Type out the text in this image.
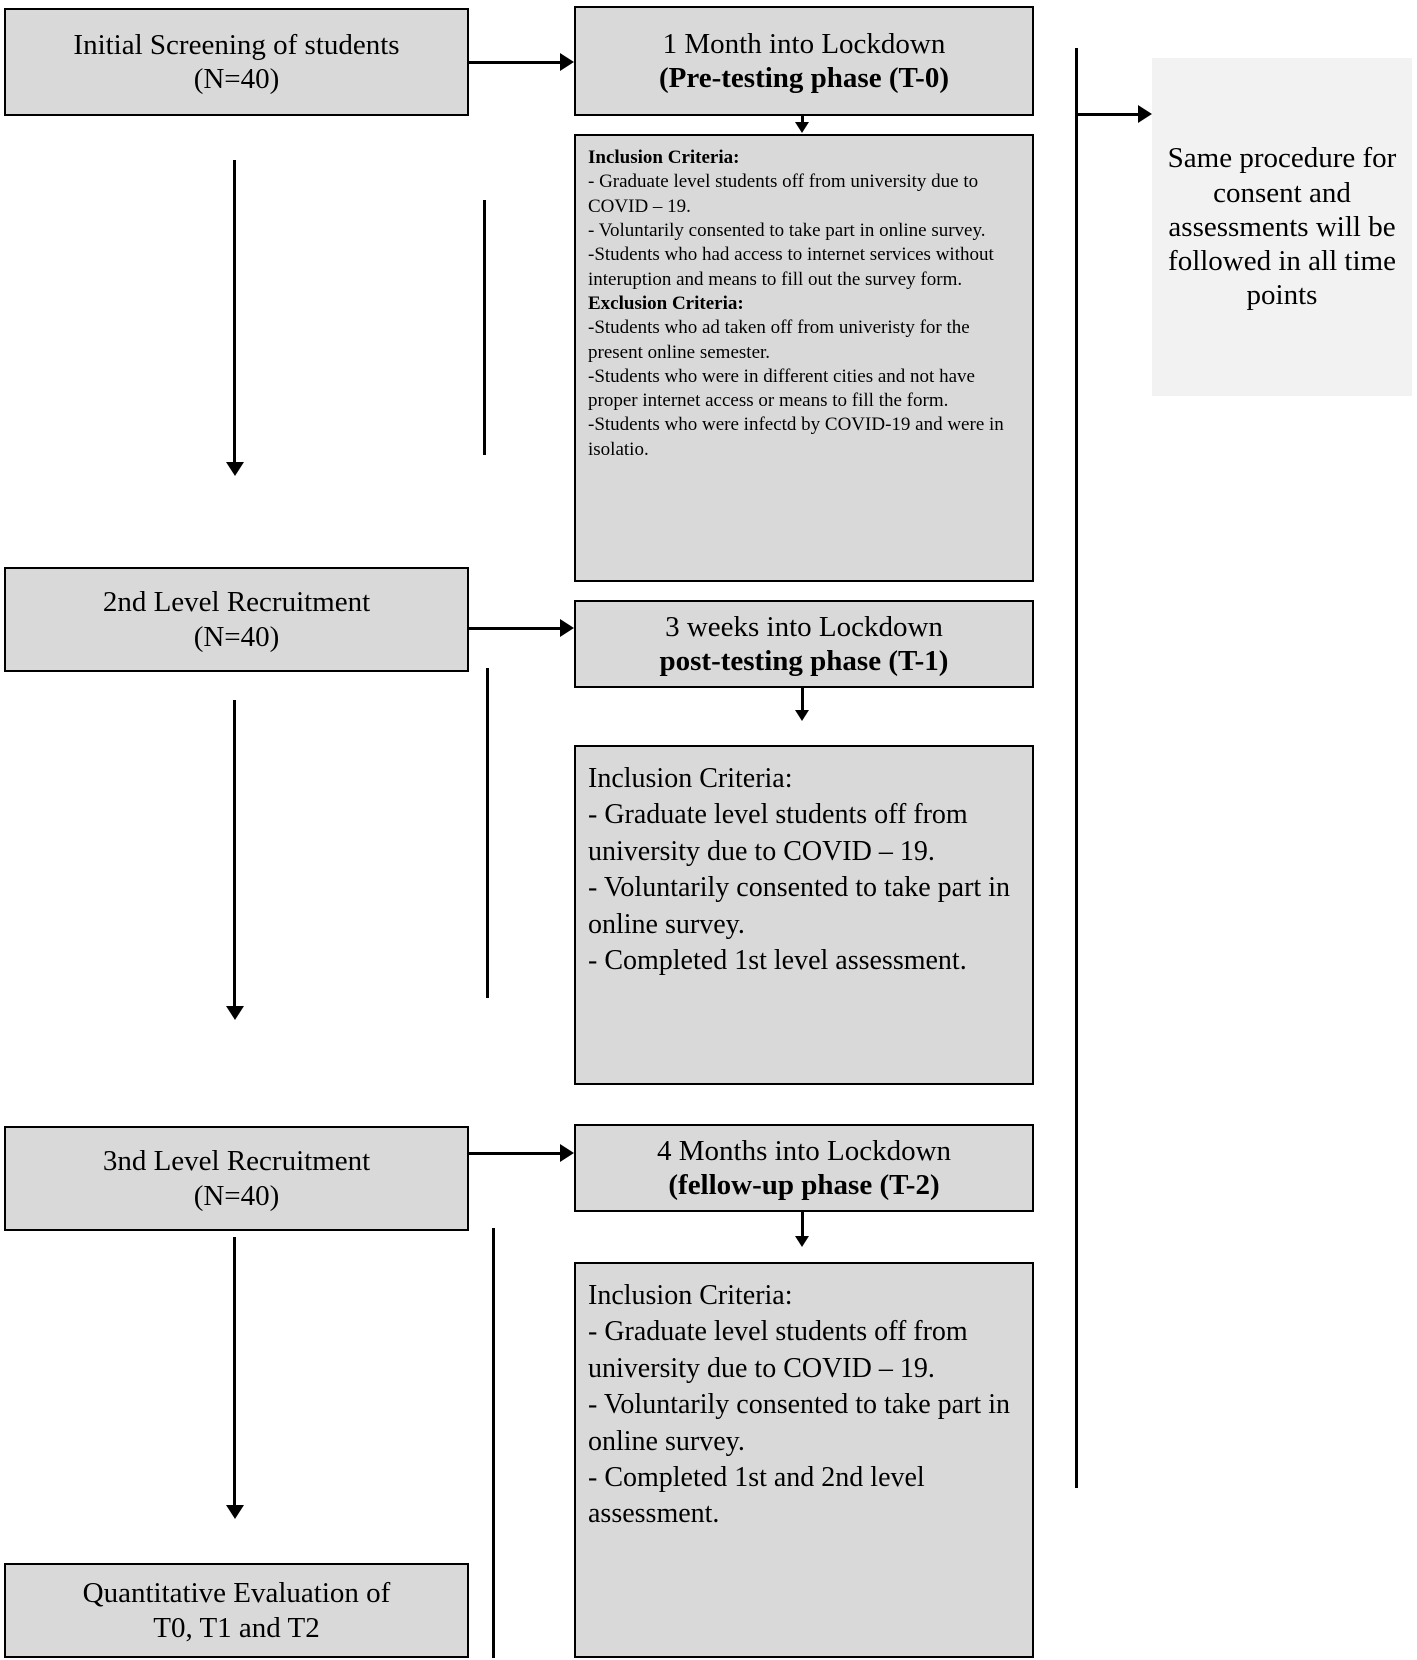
Initial Screening of students
(N=40)
2nd Level Recruitment
(N=40)
3nd Level Recruitment
(N=40)
Quantitative Evaluation of
T0, T1 and T2
1 Month into Lockdown
(Pre-testing phase (T-0)
3 weeks into Lockdown
post-testing phase (T-1)
4 Months into Lockdown
(fellow-up phase (T-2)
Inclusion Criteria:
- Graduate level students off from university due to COVID – 19.
- Voluntarily consented to take part in online survey.
-Students who had access to internet services without interuption and means to fill out the survey form.
Exclusion Criteria:
-Students who ad taken off from univeristy for the present online semester.
-Students who were in different cities and not have proper internet access or means to fill the form.
-Students who were infectd by COVID-19 and were in isolatio.
Inclusion Criteria:
- Graduate level students off from university due to COVID – 19.
- Voluntarily consented to take part in online survey.
- Completed 1st level assessment.
Inclusion Criteria:
- Graduate level students off from university due to COVID – 19.
- Voluntarily consented to take part in online survey.
- Completed 1st and 2nd level assessment.
Same procedure for consent and assessments will be followed in all time points
